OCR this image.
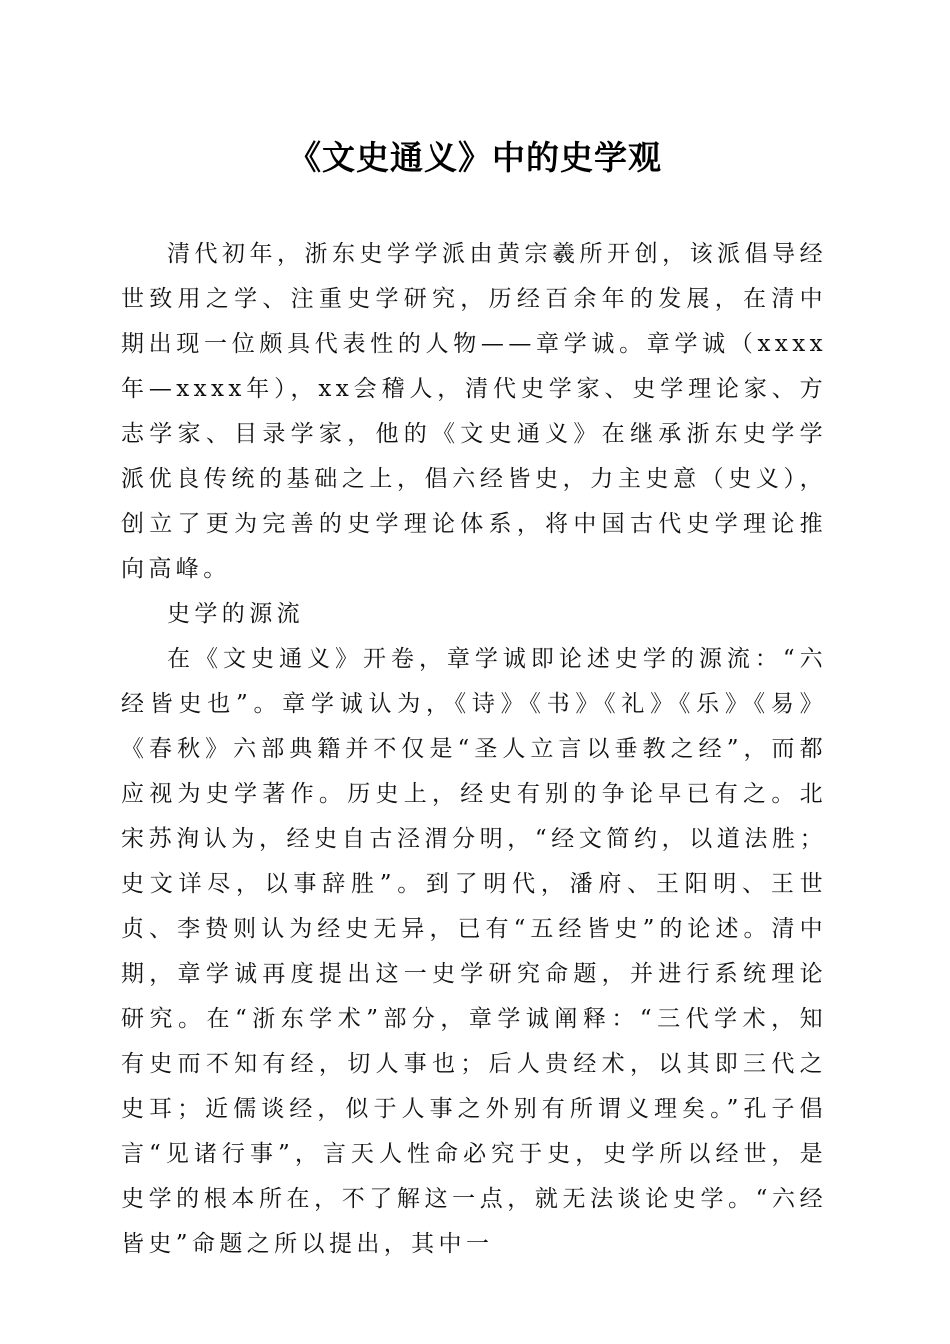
《文史通义》中的史学观

清代初年，浙东史学学派由黄宗羲所开创，该派倡导经世致用之学、注重史学研究，历经百余年的发展，在清中期出现一位颇具代表性的人物——章学诚。章学诚（xxxx年—xxxx年），xx会稽人，清代史学家、史学理论家、方志学家、目录学家，他的《文史通义》在继承浙东史学学派优良传统的基础之上，倡六经皆史，力主史意（史义），创立了更为完善的史学理论体系，将中国古代史学理论推向高峰。

史学的源流

在《文史通义》开卷，章学诚即论述史学的源流：“六经皆史也”。章学诚认为，《诗》《书》《礼》《乐》《易》《春秋》六部典籍并不仅是“圣人立言以垂教之经”，而都应视为史学著作。历史上，经史有别的争论早已有之。北宋苏洵认为，经史自古泾渭分明，“经文简约，以道法胜；史文详尽，以事辞胜”。到了明代，潘府、王阳明、王世贞、李贽则认为经史无异，已有“五经皆史”的论述。清中期，章学诚再度提出这一史学研究命题，并进行系统理论研究。在“浙东学术”部分，章学诚阐释：“三代学术，知有史而不知有经，切人事也；后人贵经术，以其即三代之史耳；近儒谈经，似于人事之外别有所谓义理矣。”孔子倡言“见诸行事”，言天人性命必究于史，史学所以经世，是史学的根本所在，不了解这一点，就无法谈论史学。“六经皆史”命题之所以提出，其中一
